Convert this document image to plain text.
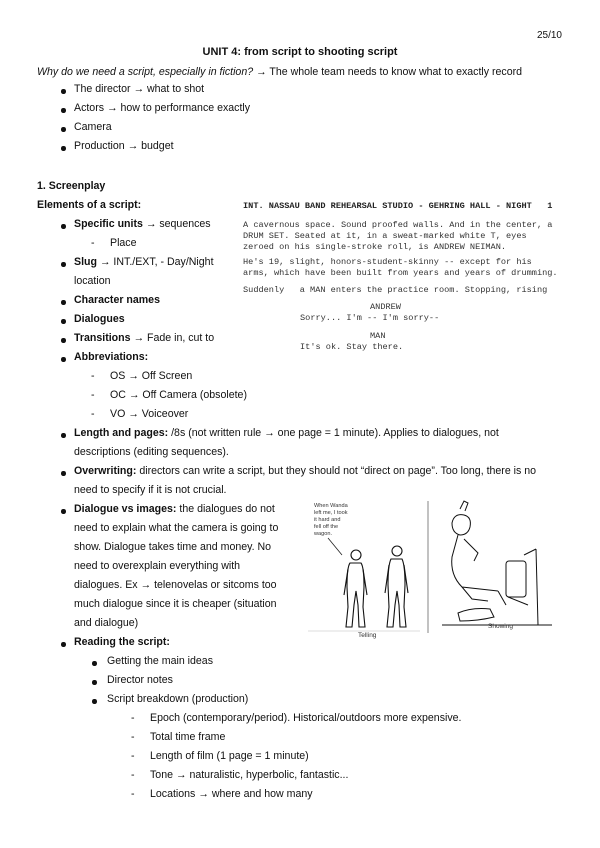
25/10
UNIT 4: from script to shooting script
Why do we need a script, especially in fiction? → The whole team needs to know what to exactly record
The director → what to shot
Actors → how to performance exactly
Camera
Production → budget
1. Screenplay
Elements of a script:
Specific units → sequences
- Place
Slug → INT./EXT, - Day/Night
location
Character names
Dialogues
Transitions → Fade in, cut to
Abbreviations:
- OS → Off Screen
- OC → Off Camera (obsolete)
- VO → Voiceover
INT. NASSAU BAND REHEARSAL STUDIO - GEHRING HALL - NIGHT   1
A cavernous space. Sound proofed walls. And in the center, a
DRUM SET. Seated at it, in a sweat-marked white T, eyes
zeroed on his single-stroke roll, is ANDREW NEIMAN.
He's 19, slight, honors-student-skinny -- except for his
arms, which have been built from years and years of drumming.
Suddenly   a MAN enters the practice room. Stopping, rising
ANDREW
Sorry... I'm -- I'm sorry--
MAN
It's ok. Stay there.
Length and pages: /8s (not written rule → one page = 1 minute). Applies to dialogues, not
descriptions (editing sequences).
Overwriting: directors can write a script, but they should not “direct on page”. Too long, there is no
need to specify if it is not crucial.
Dialogue vs images: the dialogues do not
need to explain what the camera is going to
show. Dialogue takes time and money. No
need to overexplain everything with
dialogues. Ex → telenovelas or sitcoms too
much dialogue since it is cheaper (situation
and dialogue)
When Wanda
left me, I took
it hard and
fell off the
wagon.
Telling
Showing
Reading the script:
Getting the main ideas
Director notes
Script breakdown (production)
- Epoch (contemporary/period). Historical/outdoors more expensive.
- Total time frame
- Length of film (1 page = 1 minute)
- Tone → naturalistic, hyperbolic, fantastic...
- Locations → where and how many
